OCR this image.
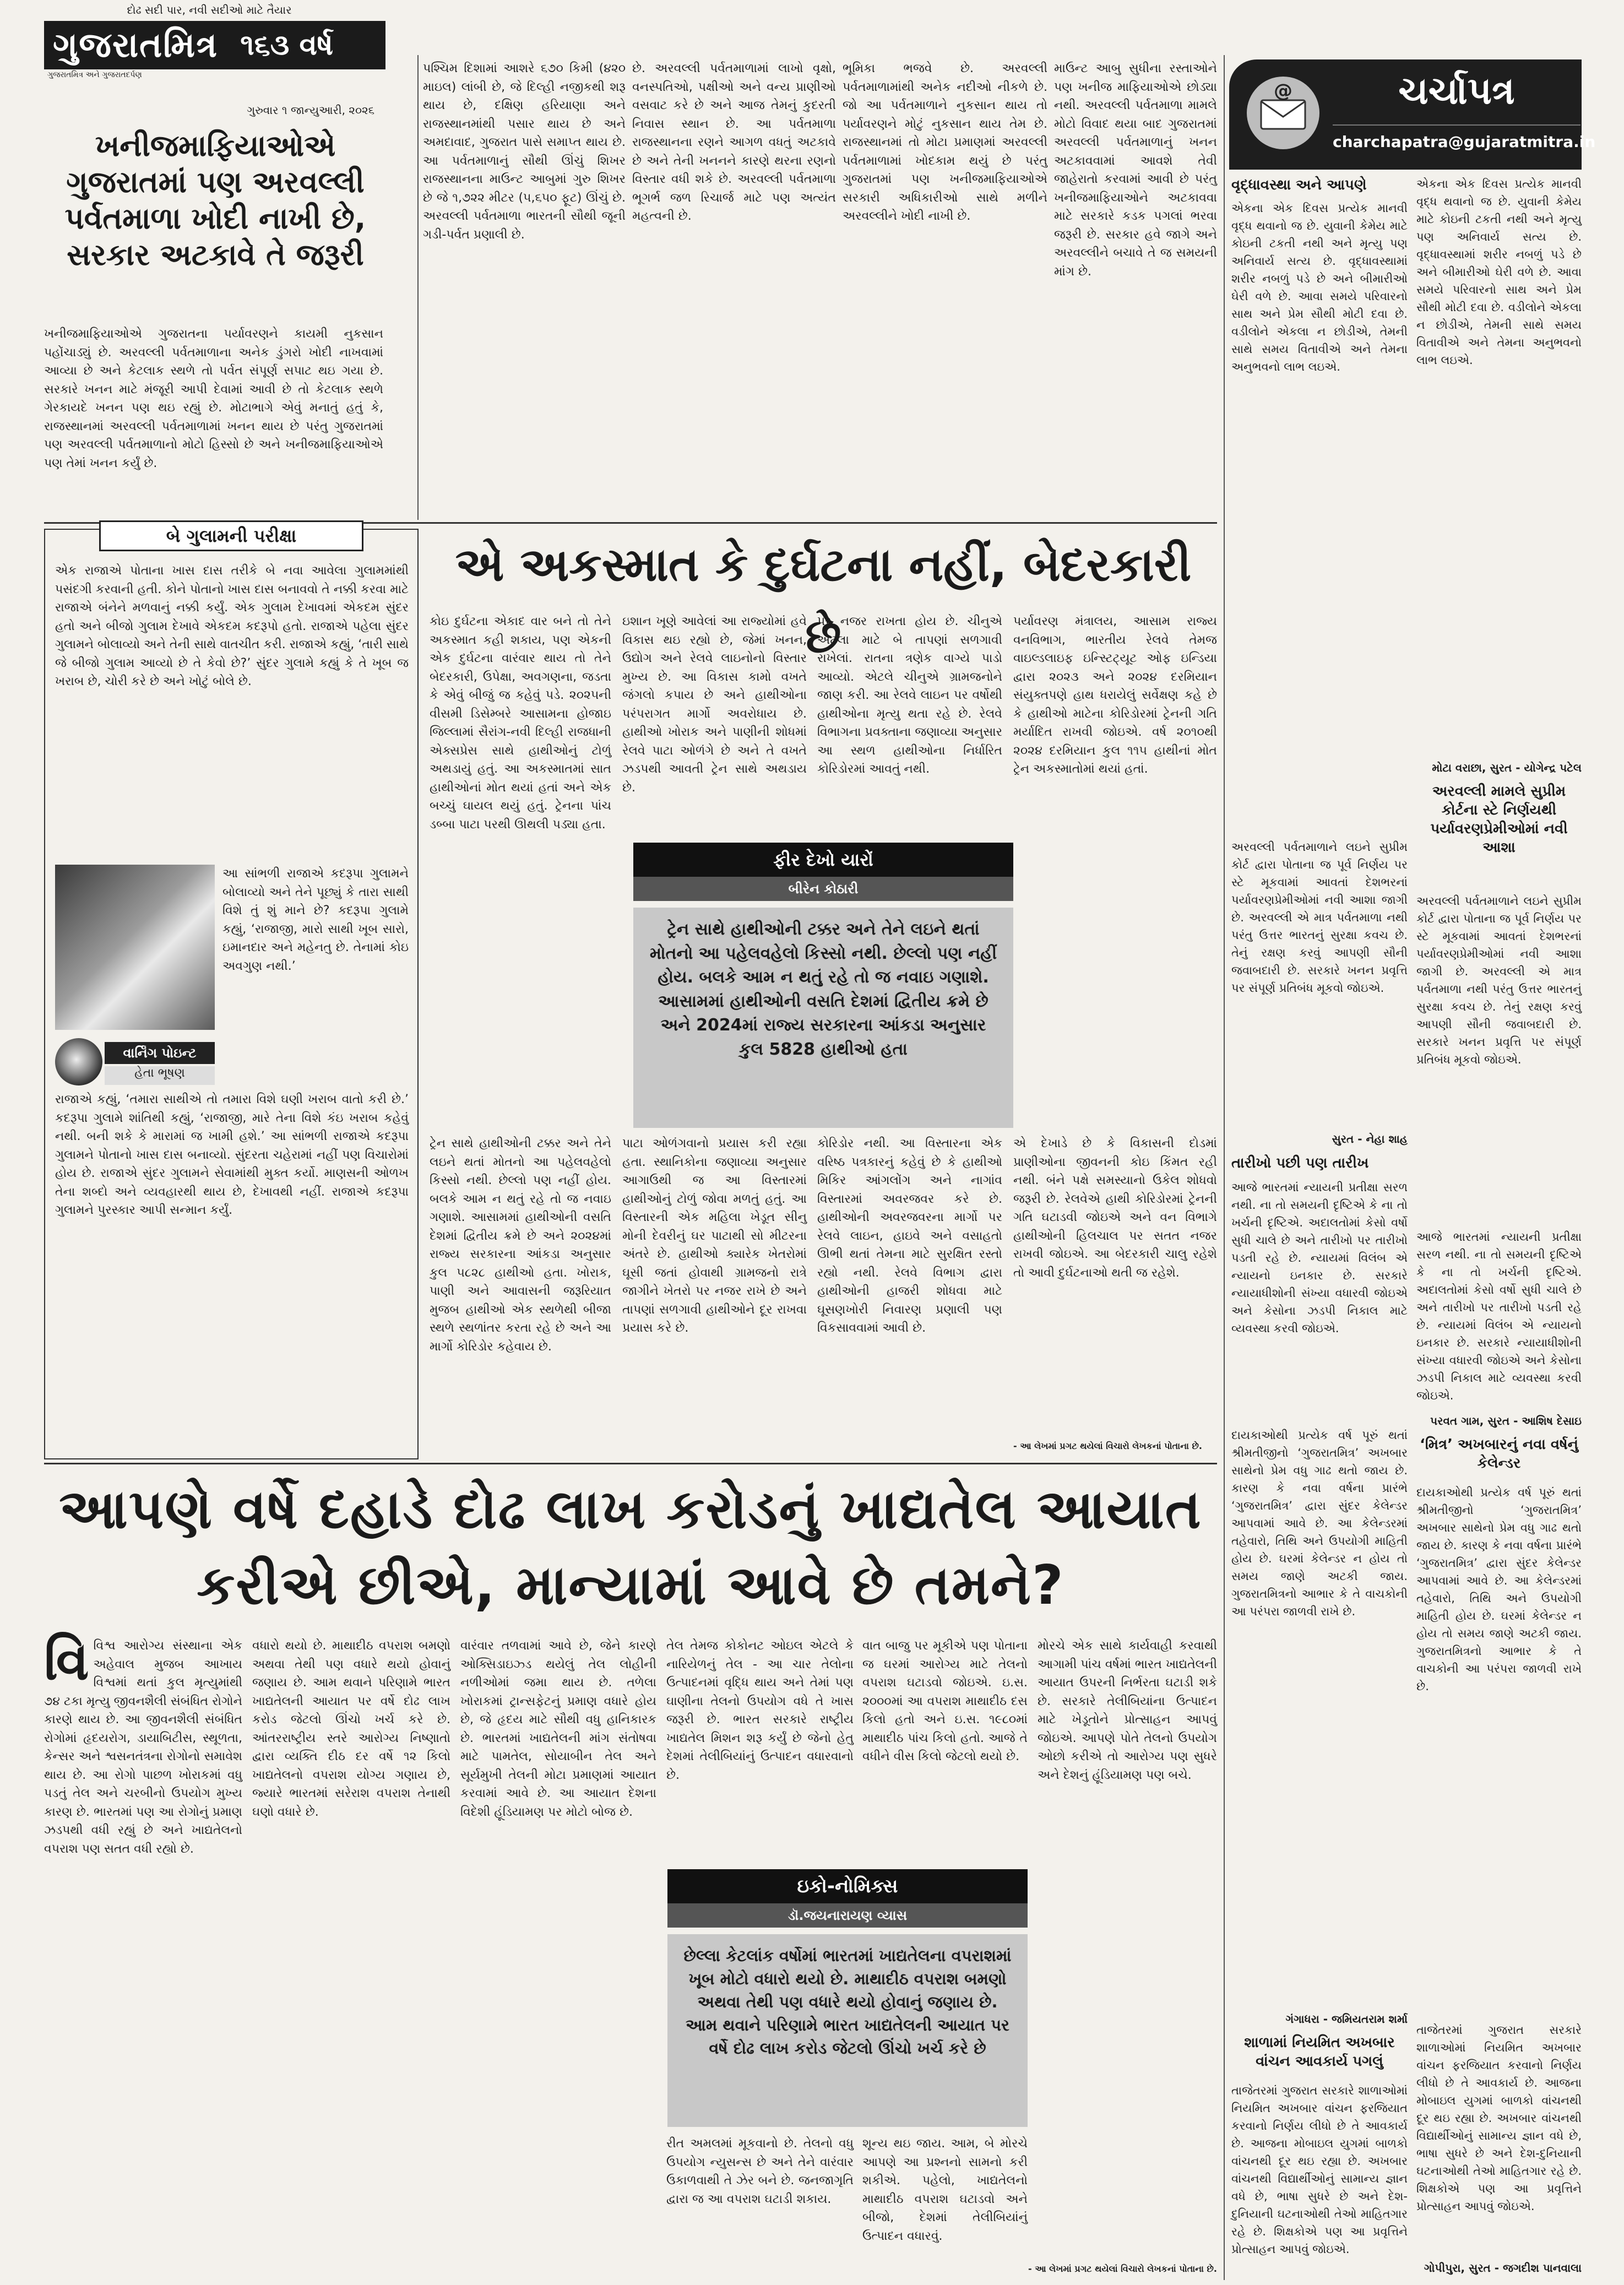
દોઢ સદી પાર, નવી સદીઓ માટે તૈયાર
ગુજરાતમિત્ર ૧૬૩ વર્ષ
ગુજરાતમિત્ર અને ગુજરાતદર્પણ
ગુરુવાર ૧ જાન્યુઆરી, ૨૦૨૬
ખનીજમાફિયાઓએ ગુજરાતમાં પણ અરવલ્લી પર્વતમાળા ખોદી નાખી છે, સરકાર અટકાવે તે જરૂરી
ખનીજમાફિયાઓએ ગુજરાતના પર્યાવરણને કાયમી નુકસાન પહોંચાડ્યું છે. અરવલ્લી પર્વતમાળાના અનેક ડુંગરો ખોદી નાખવામાં આવ્યા છે અને કેટલાક સ્થળે તો પર્વત સંપૂર્ણ સપાટ થઇ ગયા છે. સરકારે ખનન માટે મંજૂરી આપી દેવામાં આવી છે તો કેટલાક સ્થળે ગેરકાયદે ખનન પણ થઇ રહ્યું છે. મોટાભાગે એવું મનાતું હતું કે, રાજસ્થાનમાં અરવલ્લી પર્વતમાળામાં ખનન થાય છે પરંતુ ગુજરાતમાં પણ અરવલ્લી પર્વતમાળાનો મોટો હિસ્સો છે અને ખનીજમાફિયાઓએ પણ તેમાં ખનન કર્યું છે.
પશ્ચિમ દિશામાં આશરે ૬૭૦ કિમી (૪૨૦ માઇલ) લાંબી છે, જે દિલ્હી નજીકથી શરૂ થાય છે, દક્ષિણ હરિયાણા અને રાજસ્થાનમાંથી પસાર થાય છે અને અમદાવાદ, ગુજરાત પાસે સમાપ્ત થાય છે. આ પર્વતમાળાનું સૌથી ઊંચું શિખર રાજસ્થાનના માઉન્ટ આબુમાં ગુરુ શિખર છે જે ૧,૭૨૨ મીટર (૫,૬૫૦ ફૂટ) ઊંચું છે. અરવલ્લી પર્વતમાળા ભારતની સૌથી જૂની ગડી-પર્વત પ્રણાલી છે.
છે. અરવલ્લી પર્વતમાળામાં લાખો વૃક્ષો, વનસ્પતિઓ, પક્ષીઓ અને વન્ય પ્રાણીઓ વસવાટ કરે છે અને આજ તેમનું કુદરતી નિવાસ સ્થાન છે. આ પર્વતમાળા રાજસ્થાનના રણને આગળ વધતું અટકાવે છે અને તેની ખનનને કારણે થરના રણનો વિસ્તાર વધી શકે છે. અરવલ્લી પર્વતમાળા ભૂગર્ભ જળ રિચાર્જ માટે પણ અત્યંત મહત્વની છે.
ભૂમિકા ભજવે છે. અરવલ્લી પર્વતમાળામાંથી અનેક નદીઓ નીકળે છે. જો આ પર્વતમાળાને નુકસાન થાય તો પર્યાવરણને મોટું નુકસાન થાય તેમ છે. રાજસ્થાનમાં તો મોટા પ્રમાણમાં અરવલ્લી પર્વતમાળામાં ખોદકામ થયું છે પરંતુ ગુજરાતમાં પણ ખનીજમાફિયાઓએ સરકારી અધિકારીઓ સાથે મળીને અરવલ્લીને ખોદી નાખી છે.
માઉન્ટ આબુ સુધીના રસ્તાઓને પણ ખનીજ માફિયાઓએ છોડ્યા નથી. અરવલ્લી પર્વતમાળા મામલે મોટો વિવાદ થયા બાદ ગુજરાતમાં અરવલ્લી પર્વતમાળાનું ખનન અટકાવવામાં આવશે તેવી જાહેરાતો કરવામાં આવી છે પરંતુ ખનીજમાફિયાઓને અટકાવવા માટે સરકારે કડક પગલાં ભરવા જરૂરી છે. સરકાર હવે જાગે અને અરવલ્લીને બચાવે તે જ સમયની માંગ છે.
બે ગુલામની પરીક્ષા
એક રાજાએ પોતાના ખાસ દાસ તરીકે બે નવા આવેલા ગુલામમાંથી પસંદગી કરવાની હતી. કોને પોતાનો ખાસ દાસ બનાવવો તે નક્કી કરવા માટે રાજાએ બંનેને મળવાનું નક્કી કર્યું. એક ગુલામ દેખાવમાં એકદમ સુંદર હતો અને બીજો ગુલામ દેખાવે એકદમ કદરૂપો હતો. રાજાએ પહેલા સુંદર ગુલામને બોલાવ્યો અને તેની સાથે વાતચીત કરી. રાજાએ કહ્યું, ‘તારી સાથે જે બીજો ગુલામ આવ્યો છે તે કેવો છે?’ સુંદર ગુલામે કહ્યું કે તે ખૂબ જ ખરાબ છે, ચોરી કરે છે અને ખોટું બોલે છે.
વાર્નિંગ પોઇન્ટ
હેતા ભૂષણ
આ સાંભળી રાજાએ કદરૂપા ગુલામને બોલાવ્યો અને તેને પૂછ્યું કે તારા સાથી વિશે તું શું માને છે? કદરૂપા ગુલામે કહ્યું, ‘રાજાજી, મારો સાથી ખૂબ સારો, ઇમાનદાર અને મહેનતુ છે. તેનામાં કોઇ અવગુણ નથી.’
રાજાએ કહ્યું, ‘તમારા સાથીએ તો તમારા વિશે ઘણી ખરાબ વાતો કરી છે.’ કદરૂપા ગુલામે શાંતિથી કહ્યું, ‘રાજાજી, મારે તેના વિશે કંઇ ખરાબ કહેવું નથી. બની શકે કે મારામાં જ ખામી હશે.’ આ સાંભળી રાજાએ કદરૂપા ગુલામને પોતાનો ખાસ દાસ બનાવ્યો. સુંદરતા ચહેરામાં નહીં પણ વિચારોમાં હોય છે. રાજાએ સુંદર ગુલામને સેવામાંથી મુક્ત કર્યો. માણસની ઓળખ તેના શબ્દો અને વ્યવહારથી થાય છે, દેખાવથી નહીં. રાજાએ કદરૂપા ગુલામને પુરસ્કાર આપી સન્માન કર્યું.
એ અકસ્માત કે દુર્ઘટના નહીં, બેદરકારી છે
કોઇ દુર્ઘટના એકાદ વાર બને તો તેને અકસ્માત કહી શકાય, પણ એકની એક દુર્ઘટના વારંવાર થાય તો તેને બેદરકારી, ઉપેક્ષા, અવગણના, જડતા કે એવું બીજું જ કહેવું પડે. ૨૦૨૫ની વીસમી ડિસેમ્બરે આસામના હોજાઇ જિલ્લામાં સૈરાંગ-નવી દિલ્હી રાજધાની એક્સપ્રેસ સાથે હાથીઓનું ટોળું અથડાયું હતું. આ અકસ્માતમાં સાત હાથીઓનાં મોત થયાં હતાં અને એક બચ્ચું ઘાયલ થયું હતું. ટ્રેનના પાંચ ડબ્બા પાટા પરથી ઊથલી પડ્યા હતા.
ઇશાન ખૂણે આવેલાં આ રાજ્યોમાં હવે વિકાસ થઇ રહ્યો છે, જેમાં ખનન, ઉદ્યોગ અને રેલવે લાઇનોનો વિસ્તાર મુખ્ય છે. આ વિકાસ કામો વખતે જંગલો કપાય છે અને હાથીઓના પરંપરાગત માર્ગો અવરોધાય છે. હાથીઓ ખોરાક અને પાણીની શોધમાં રેલવે પાટા ઓળંગે છે અને તે વખતે ઝડપથી આવતી ટ્રેન સાથે અથડાય છે.
પર નજર રાખતા હોય છે. ચીનુએ એટલા માટે બે તાપણાં સળગાવી રાખેલાં. રાતના ત્રણેક વાગ્યે પાડો આવ્યો. એટલે ચીનુએ ગ્રામજનોને જાણ કરી. આ રેલવે લાઇન પર વર્ષોથી હાથીઓના મૃત્યુ થતા રહે છે. રેલવે વિભાગના પ્રવક્તાના જણાવ્યા અનુસાર આ સ્થળ હાથીઓના નિર્ધારિત કોરિડોરમાં આવતું નથી.
પર્યાવરણ મંત્રાલય, આસામ રાજ્ય વનવિભાગ, ભારતીય રેલવે તેમજ વાઇલ્ડલાઇફ ઇન્સ્ટિટ્યૂટ ઓફ ઇન્ડિયા દ્વારા ૨૦૨૩ અને ૨૦૨૪ દરમિયાન સંયુક્તપણે હાથ ધરાયેલું સર્વેક્ષણ કહે છે કે હાથીઓ માટેના કોરિડોરમાં ટ્રેનની ગતિ મર્યાદિત રાખવી જોઇએ. વર્ષ ૨૦૧૦થી ૨૦૨૪ દરમિયાન કુલ ૧૧૫ હાથીનાં મોત ટ્રેન અકસ્માતોમાં થયાં હતાં.
ફીર દેખો યારોં
બીરેન કોઠારી
ટ્રેન સાથે હાથીઓની ટક્કર અને તેને લઇને થતાં મોતનો આ પહેલવહેલો કિસ્સો નથી. છેલ્લો પણ નહીં હોય. બલકે આમ ન થતું રહે તો જ નવાઇ ગણાશે. આસામમાં હાથીઓની વસતિ દેશમાં દ્વિતીય ક્રમે છે અને 2024માં રાજ્ય સરકારના આંકડા અનુસાર કુલ 5828 હાથીઓ હતા
ટ્રેન સાથે હાથીઓની ટક્કર અને તેને લઇને થતાં મોતનો આ પહેલવહેલો કિસ્સો નથી. છેલ્લો પણ નહીં હોય. બલકે આમ ન થતું રહે તો જ નવાઇ ગણાશે. આસામમાં હાથીઓની વસતિ દેશમાં દ્વિતીય ક્રમે છે અને ૨૦૨૪માં રાજ્ય સરકારના આંકડા અનુસાર કુલ ૫૮૨૮ હાથીઓ હતા. ખોરાક, પાણી અને આવાસની જરૂરિયાત મુજબ હાથીઓ એક સ્થળેથી બીજા સ્થળે સ્થળાંતર કરતા રહે છે અને આ માર્ગો કોરિડોર કહેવાય છે.
પાટા ઓળંગવાનો પ્રયાસ કરી રહ્યા હતા. સ્થાનિકોના જણાવ્યા અનુસાર આગાઉથી જ આ વિસ્તારમાં હાથીઓનું ટોળું જોવા મળતું હતું. આ વિસ્તારની એક મહિલા ખેડૂત સીનુ મોની દેવરીનું ઘર પાટાથી સો મીટરના અંતરે છે. હાથીઓ ક્યારેક ખેતરોમાં ઘૂસી જતાં હોવાથી ગ્રામજનો રાત્રે જાગીને ખેતરો પર નજર રાખે છે અને તાપણાં સળગાવી હાથીઓને દૂર રાખવા પ્રયાસ કરે છે.
કોરિડોર નથી. આ વિસ્તારના એક વરિષ્ઠ પત્રકારનું કહેવું છે કે હાથીઓ મિકિર આંગલોંગ અને નાગાંવ વિસ્તારમાં અવરજવર કરે છે. હાથીઓની અવરજવરના માર્ગો પર રેલવે લાઇન, હાઇવે અને વસાહતો ઊભી થતાં તેમના માટે સુરક્ષિત રસ્તો રહ્યો નથી. રેલવે વિભાગ દ્વારા હાથીઓની હાજરી શોધવા માટે ઘૂસણખોરી નિવારણ પ્રણાલી પણ વિકસાવવામાં આવી છે.
એ દેખાડે છે કે વિકાસની દોડમાં પ્રાણીઓના જીવનની કોઇ કિંમત રહી નથી. બંને પક્ષે સમસ્યાનો ઉકેલ શોધવો જરૂરી છે. રેલવેએ હાથી કોરિડોરમાં ટ્રેનની ગતિ ઘટાડવી જોઇએ અને વન વિભાગે હાથીઓની હિલચાલ પર સતત નજર રાખવી જોઇએ. આ બેદરકારી ચાલુ રહેશે તો આવી દુર્ઘટનાઓ થતી જ રહેશે.
- આ લેખમાં પ્રગટ થયેલાં વિચારો લેખકનાં પોતાના છે.
આપણે વર્ષે દહાડે દોઢ લાખ કરોડનું ખાદ્યતેલ આયાત કરીએ છીએ, માન્યામાં આવે છે તમને?
વિવિશ્વ આરોગ્ય સંસ્થાના એક અહેવાલ મુજબ આખાય વિશ્વમાં થતાં કુલ મૃત્યુમાંથી ૭૪ ટકા મૃત્યુ જીવનશૈલી સંબંધિત રોગોને કારણે થાય છે. આ જીવનશૈલી સંબંધિત રોગોમાં હૃદયરોગ, ડાયાબિટીસ, સ્થૂળતા, કેન્સર અને શ્વસનતંત્રના રોગોનો સમાવેશ થાય છે. આ રોગો પાછળ ખોરાકમાં વધુ પડતું તેલ અને ચરબીનો ઉપયોગ મુખ્ય કારણ છે. ભારતમાં પણ આ રોગોનું પ્રમાણ ઝડપથી વધી રહ્યું છે અને ખાદ્યતેલનો વપરાશ પણ સતત વધી રહ્યો છે.
વધારો થયો છે. માથાદીઠ વપરાશ બમણો અથવા તેથી પણ વધારે થયો હોવાનું જણાય છે. આમ થવાને પરિણામે ભારત ખાદ્યતેલની આયાત પર વર્ષે દોઢ લાખ કરોડ જેટલો ઊંચો ખર્ચ કરે છે. આંતરરાષ્ટ્રીય સ્તરે આરોગ્ય નિષ્ણાતો દ્વારા વ્યક્તિ દીઠ દર વર્ષે ૧૨ કિલો ખાદ્યતેલનો વપરાશ યોગ્ય ગણાય છે, જ્યારે ભારતમાં સરેરાશ વપરાશ તેનાથી ઘણો વધારે છે.
વારંવાર તળવામાં આવે છે, જેને કારણે ઓક્સિડાઇઝ્ડ થયેલું તેલ લોહીની નળીઓમાં જમા થાય છે. તળેલા ખોરાકમાં ટ્રાન્સફેટનું પ્રમાણ વધારે હોય છે, જે હૃદય માટે સૌથી વધુ હાનિકારક છે. ભારતમાં ખાદ્યતેલની માંગ સંતોષવા માટે પામતેલ, સોયાબીન તેલ અને સૂર્યમુખી તેલની મોટા પ્રમાણમાં આયાત કરવામાં આવે છે. આ આયાત દેશના વિદેશી હૂંડિયામણ પર મોટો બોજ છે.
તેલ તેમજ કોકોનટ ઓઇલ એટલે કે નારિયેળનું તેલ - આ ચાર તેલોના ઉત્પાદનમાં વૃદ્ધિ થાય અને તેમાં પણ ઘાણીના તેલનો ઉપયોગ વધે તે ખાસ જરૂરી છે. ભારત સરકારે રાષ્ટ્રીય ખાદ્યતેલ મિશન શરૂ કર્યું છે જેનો હેતુ દેશમાં તેલીબિયાંનું ઉત્પાદન વધારવાનો છે.
વાત બાજુ પર મૂકીએ પણ પોતાના જ ઘરમાં આરોગ્ય માટે તેલનો વપરાશ ઘટાડવો જોઇએ. ઇ.સ. ૨૦૦૦માં આ વપરાશ માથાદીઠ દસ કિલો હતો અને ઇ.સ. ૧૯૮૦માં માથાદીઠ પાંચ કિલો હતો. આજે તે વધીને વીસ કિલો જેટલો થયો છે.
ઇકો-નોમિક્સ
ડૉ.જયનારાયણ વ્યાસ
છેલ્લા કેટલાંક વર્ષોમાં ભારતમાં ખાદ્યતેલના વપરાશમાં ખૂબ મોટો વધારો થયો છે. માથાદીઠ વપરાશ બમણો અથવા તેથી પણ વધારે થયો હોવાનું જણાય છે. આમ થવાને પરિણામે ભારત ખાદ્યતેલની આયાત પર વર્ષે દોઢ લાખ કરોડ જેટલો ઊંચો ખર્ચ કરે છે
રીત અમલમાં મૂકવાનો છે. તેલનો વધુ ઉપયોગ ન્યુસન્સ છે અને તેને વારંવાર ઉકાળવાથી તે ઝેર બને છે. જનજાગૃતિ દ્વારા જ આ વપરાશ ઘટાડી શકાય.
શૂન્ય થઇ જાય. આમ, બે મોરચે આપણે આ પ્રશ્નનો સામનો કરી શકીએ. પહેલો, ખાદ્યતેલનો માથાદીઠ વપરાશ ઘટાડવો અને બીજો, દેશમાં તેલીબિયાંનું ઉત્પાદન વધારવું.
મોરચે એક સાથે કાર્યવાહી કરવાથી આગામી પાંચ વર્ષમાં ભારત ખાદ્યતેલની આયાત ઉપરની નિર્ભરતા ઘટાડી શકે છે. સરકારે તેલીબિયાંના ઉત્પાદન માટે ખેડૂતોને પ્રોત્સાહન આપવું જોઇએ. આપણે પોતે તેલનો ઉપયોગ ઓછો કરીએ તો આરોગ્ય પણ સુધરે અને દેશનું હૂંડિયામણ પણ બચે.
- આ લેખમાં પ્રગટ થયેલાં વિચારો લેખકનાં પોતાના છે.
@	ચર્ચાપત્ર
charchapatra@gujaratmitra.in
વૃદ્ધાવસ્થા અને આપણે
એકના એક દિવસ પ્રત્યેક માનવી વૃદ્ધ થવાનો જ છે. યુવાની કેમેય માટે કોઇની ટકતી નથી અને મૃત્યુ પણ અનિવાર્ય સત્ય છે. વૃદ્ધાવસ્થામાં શરીર નબળું પડે છે અને બીમારીઓ ઘેરી વળે છે. આવા સમયે પરિવારનો સાથ અને પ્રેમ સૌથી મોટી દવા છે. વડીલોને એકલા ન છોડીએ, તેમની સાથે સમય વિતાવીએ અને તેમના અનુભવનો લાભ લઇએ.
એકના એક દિવસ પ્રત્યેક માનવી વૃદ્ધ થવાનો જ છે. યુવાની કેમેય માટે કોઇની ટકતી નથી અને મૃત્યુ પણ અનિવાર્ય સત્ય છે. વૃદ્ધાવસ્થામાં શરીર નબળું પડે છે અને બીમારીઓ ઘેરી વળે છે. આવા સમયે પરિવારનો સાથ અને પ્રેમ સૌથી મોટી દવા છે. વડીલોને એકલા ન છોડીએ, તેમની સાથે સમય વિતાવીએ અને તેમના અનુભવનો લાભ લઇએ.
મોટા વરાછા, સુરત - યોગેન્દ્ર પટેલ
અરવલ્લી મામલે સુપ્રીમ કોર્ટના સ્ટે નિર્ણયથી પર્યાવરણપ્રેમીઓમાં નવી આશા
અરવલ્લી પર્વતમાળાને લઇને સુપ્રીમ કોર્ટ દ્વારા પોતાના જ પૂર્વ નિર્ણય પર સ્ટે મૂકવામાં આવતાં દેશભરનાં પર્યાવરણપ્રેમીઓમાં નવી આશા જાગી છે. અરવલ્લી એ માત્ર પર્વતમાળા નથી પરંતુ ઉત્તર ભારતનું સુરક્ષા કવચ છે. તેનું રક્ષણ કરવું આપણી સૌની જવાબદારી છે. સરકારે ખનન પ્રવૃત્તિ પર સંપૂર્ણ પ્રતિબંધ મૂકવો જોઇએ.
અરવલ્લી પર્વતમાળાને લઇને સુપ્રીમ કોર્ટ દ્વારા પોતાના જ પૂર્વ નિર્ણય પર સ્ટે મૂકવામાં આવતાં દેશભરનાં પર્યાવરણપ્રેમીઓમાં નવી આશા જાગી છે. અરવલ્લી એ માત્ર પર્વતમાળા નથી પરંતુ ઉત્તર ભારતનું સુરક્ષા કવચ છે. તેનું રક્ષણ કરવું આપણી સૌની જવાબદારી છે. સરકારે ખનન પ્રવૃત્તિ પર સંપૂર્ણ પ્રતિબંધ મૂકવો જોઇએ.
સુરત - નેહા શાહ
તારીખો પછી પણ તારીખ
આજે ભારતમાં ન્યાયની પ્રતીક્ષા સરળ નથી. ના તો સમયની દૃષ્ટિએ કે ના તો ખર્ચની દૃષ્ટિએ. અદાલતોમાં કેસો વર્ષો સુધી ચાલે છે અને તારીખો પર તારીખો પડતી રહે છે. ન્યાયમાં વિલંબ એ ન્યાયનો ઇનકાર છે. સરકારે ન્યાયાધીશોની સંખ્યા વધારવી જોઇએ અને કેસોના ઝડપી નિકાલ માટે વ્યવસ્થા કરવી જોઇએ.
આજે ભારતમાં ન્યાયની પ્રતીક્ષા સરળ નથી. ના તો સમયની દૃષ્ટિએ કે ના તો ખર્ચની દૃષ્ટિએ. અદાલતોમાં કેસો વર્ષો સુધી ચાલે છે અને તારીખો પર તારીખો પડતી રહે છે. ન્યાયમાં વિલંબ એ ન્યાયનો ઇનકાર છે. સરકારે ન્યાયાધીશોની સંખ્યા વધારવી જોઇએ અને કેસોના ઝડપી નિકાલ માટે વ્યવસ્થા કરવી જોઇએ.
પરવત ગામ, સુરત - આશિષ દેસાઇ
‘મિત્ર’ અખબારનું નવા વર્ષનું કેલેન્ડર
દાયકાઓથી પ્રત્યેક વર્ષ પૂરું થતાં શ્રીમતીજીનો ‘ગુજરાતમિત્ર’ અખબાર સાથેનો પ્રેમ વધુ ગાઢ થતો જાય છે. કારણ કે નવા વર્ષના પ્રારંભે ‘ગુજરાતમિત્ર’ દ્વારા સુંદર કેલેન્ડર આપવામાં આવે છે. આ કેલેન્ડરમાં તહેવારો, તિથિ અને ઉપયોગી માહિતી હોય છે. ઘરમાં કેલેન્ડર ન હોય તો સમય જાણે અટકી જાય. ગુજરાતમિત્રનો આભાર કે તે વાચકોની આ પરંપરા જાળવી રાખે છે.
દાયકાઓથી પ્રત્યેક વર્ષ પૂરું થતાં શ્રીમતીજીનો ‘ગુજરાતમિત્ર’ અખબાર સાથેનો પ્રેમ વધુ ગાઢ થતો જાય છે. કારણ કે નવા વર્ષના પ્રારંભે ‘ગુજરાતમિત્ર’ દ્વારા સુંદર કેલેન્ડર આપવામાં આવે છે. આ કેલેન્ડરમાં તહેવારો, તિથિ અને ઉપયોગી માહિતી હોય છે. ઘરમાં કેલેન્ડર ન હોય તો સમય જાણે અટકી જાય. ગુજરાતમિત્રનો આભાર કે તે વાચકોની આ પરંપરા જાળવી રાખે છે.
ગંગાધરા - જમિયતરામ શર્મા
શાળામાં નિયમિત અખબાર વાંચન આવકાર્ય પગલું
તાજેતરમાં ગુજરાત સરકારે શાળાઓમાં નિયમિત અખબાર વાંચન ફરજિયાત કરવાનો નિર્ણય લીધો છે તે આવકાર્ય છે. આજના મોબાઇલ યુગમાં બાળકો વાંચનથી દૂર થઇ રહ્યા છે. અખબાર વાંચનથી વિદ્યાર્થીઓનું સામાન્ય જ્ઞાન વધે છે, ભાષા સુધરે છે અને દેશ-દુનિયાની ઘટનાઓથી તેઓ માહિતગાર રહે છે. શિક્ષકોએ પણ આ પ્રવૃત્તિને પ્રોત્સાહન આપવું જોઇએ.
તાજેતરમાં ગુજરાત સરકારે શાળાઓમાં નિયમિત અખબાર વાંચન ફરજિયાત કરવાનો નિર્ણય લીધો છે તે આવકાર્ય છે. આજના મોબાઇલ યુગમાં બાળકો વાંચનથી દૂર થઇ રહ્યા છે. અખબાર વાંચનથી વિદ્યાર્થીઓનું સામાન્ય જ્ઞાન વધે છે, ભાષા સુધરે છે અને દેશ-દુનિયાની ઘટનાઓથી તેઓ માહિતગાર રહે છે. શિક્ષકોએ પણ આ પ્રવૃત્તિને પ્રોત્સાહન આપવું જોઇએ.
ગોપીપુરા, સુરત - જગદીશ પાનવાલા
